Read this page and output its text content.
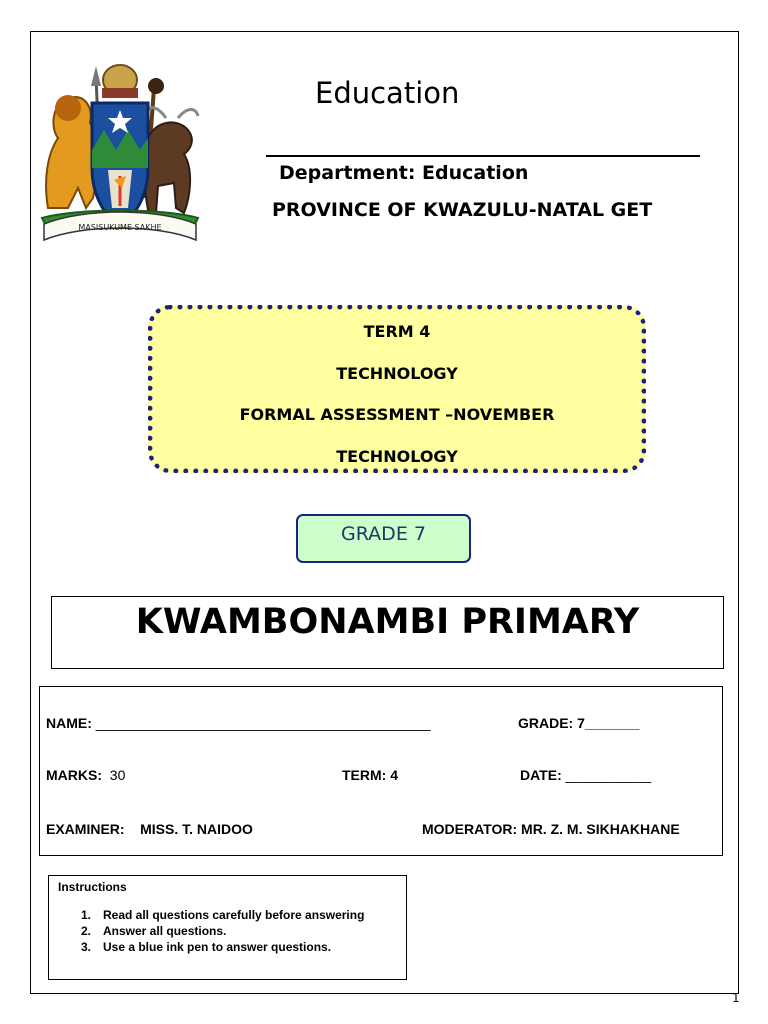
MASISUKUME SAKHE
Education
Department: Education
PROVINCE OF KWAZULU-NATAL GET
TERM 4
TECHNOLOGY
FORMAL ASSESSMENT –NOVEMBER
TECHNOLOGY
GRADE 7
KWAMBONAMBI PRIMARY
NAME: ___________________________________________	GRADE: 7_______
MARKS: 30	TERM: 4	DATE: ___________
EXAMINER: MISS. T. NAIDOO	MODERATOR: MR. Z. M. SIKHAKHANE
Instructions
1. Read all questions carefully before answering
2. Answer all questions.
3. Use a blue ink pen to answer questions.
1
